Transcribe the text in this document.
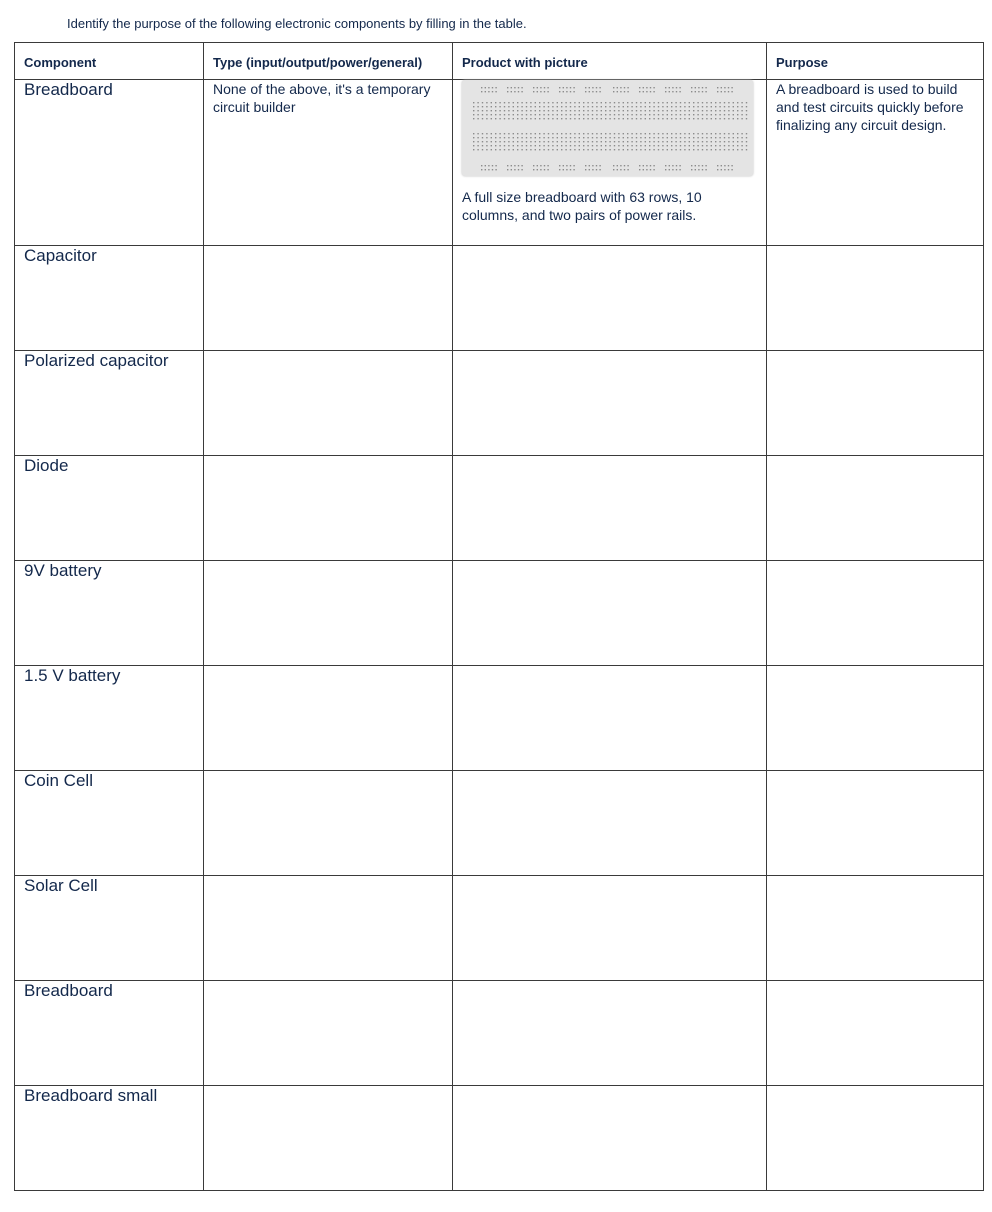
Identify the purpose of the following electronic components by filling in the table.
Component	Type (input/output/power/general)	Product with picture	Purpose
Breadboard	None of the above, it's a temporary circuit builder	A full size breadboard with 63 rows, 10 columns, and two pairs of power rails.	A breadboard is used to build and test circuits quickly before finalizing any circuit design.
Capacitor			
Polarized capacitor			
Diode			
9V battery			
1.5 V battery			
Coin Cell			
Solar Cell			
Breadboard			
Breadboard small			
